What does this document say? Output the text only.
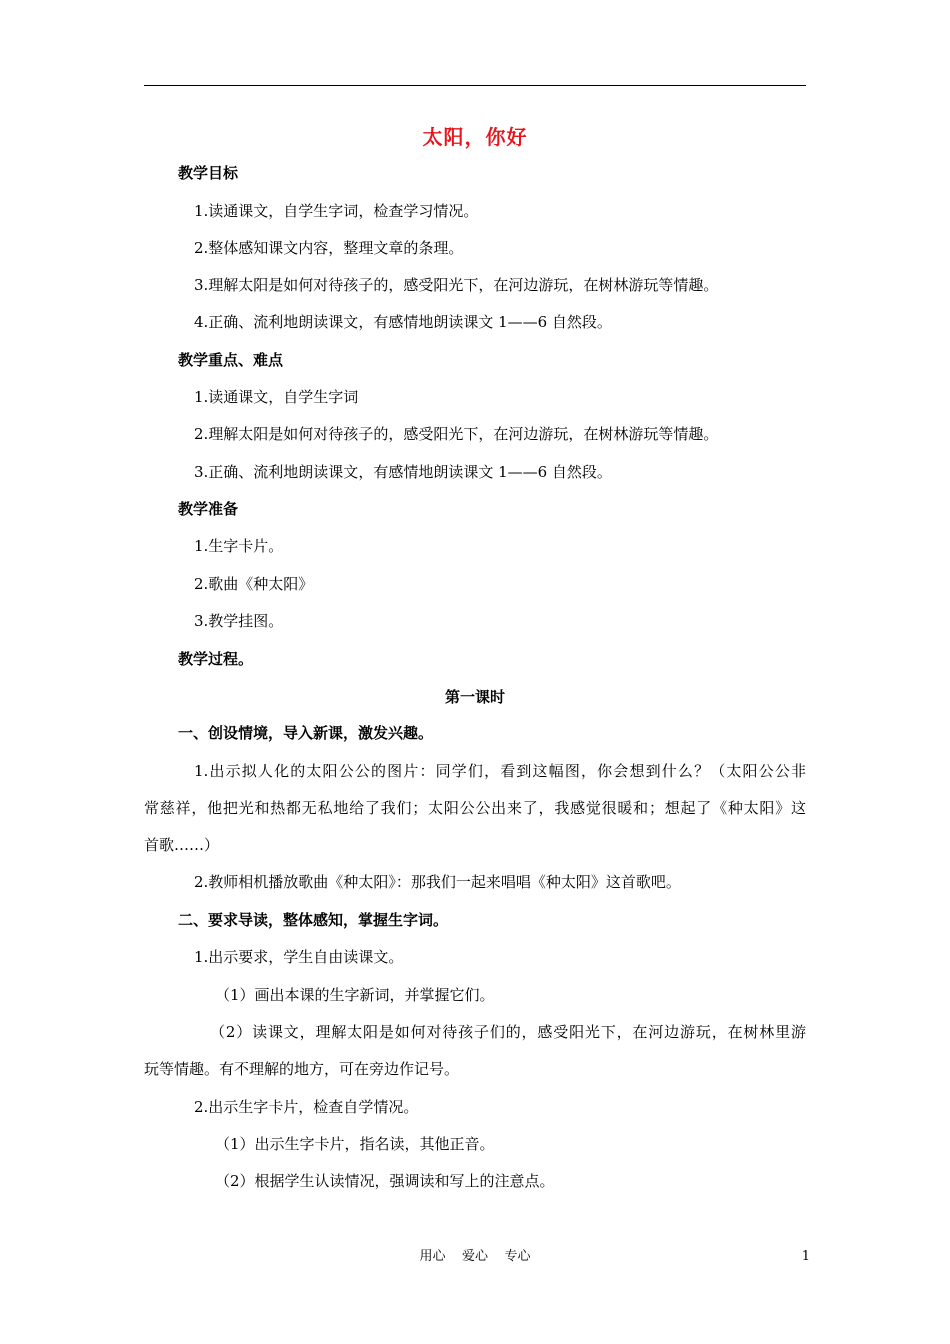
太阳，你好
教学目标
1.读通课文，自学生字词，检查学习情况。
2.整体感知课文内容，整理文章的条理。
3.理解太阳是如何对待孩子的，感受阳光下，在河边游玩，在树林游玩等情趣。
4.正确、流利地朗读课文，有感情地朗读课文 1——6 自然段。
教学重点、难点
1.读通课文，自学生字词
2.理解太阳是如何对待孩子的，感受阳光下，在河边游玩，在树林游玩等情趣。
3.正确、流利地朗读课文，有感情地朗读课文 1——6 自然段。
教学准备
1.生字卡片。
2.歌曲《种太阳》
3.教学挂图。
教学过程。
第一课时
一、创设情境，导入新课，激发兴趣。
1.出示拟人化的太阳公公的图片：同学们，看到这幅图，你会想到什么？（太阳公公非
常慈祥，他把光和热都无私地给了我们；太阳公公出来了，我感觉很暖和；想起了《种太阳》这
首歌……）
2.教师相机播放歌曲《种太阳》：那我们一起来唱唱《种太阳》这首歌吧。
二、要求导读，整体感知，掌握生字词。
1.出示要求，学生自由读课文。
（1）画出本课的生字新词，并掌握它们。
（2）读课文，理解太阳是如何对待孩子们的，感受阳光下，在河边游玩，在树林里游
玩等情趣。有不理解的地方，可在旁边作记号。
2.出示生字卡片，检查自学情况。
（1）出示生字卡片，指名读，其他正音。
（2）根据学生认读情况，强调读和写上的注意点。
用心    爱心    专心	1
